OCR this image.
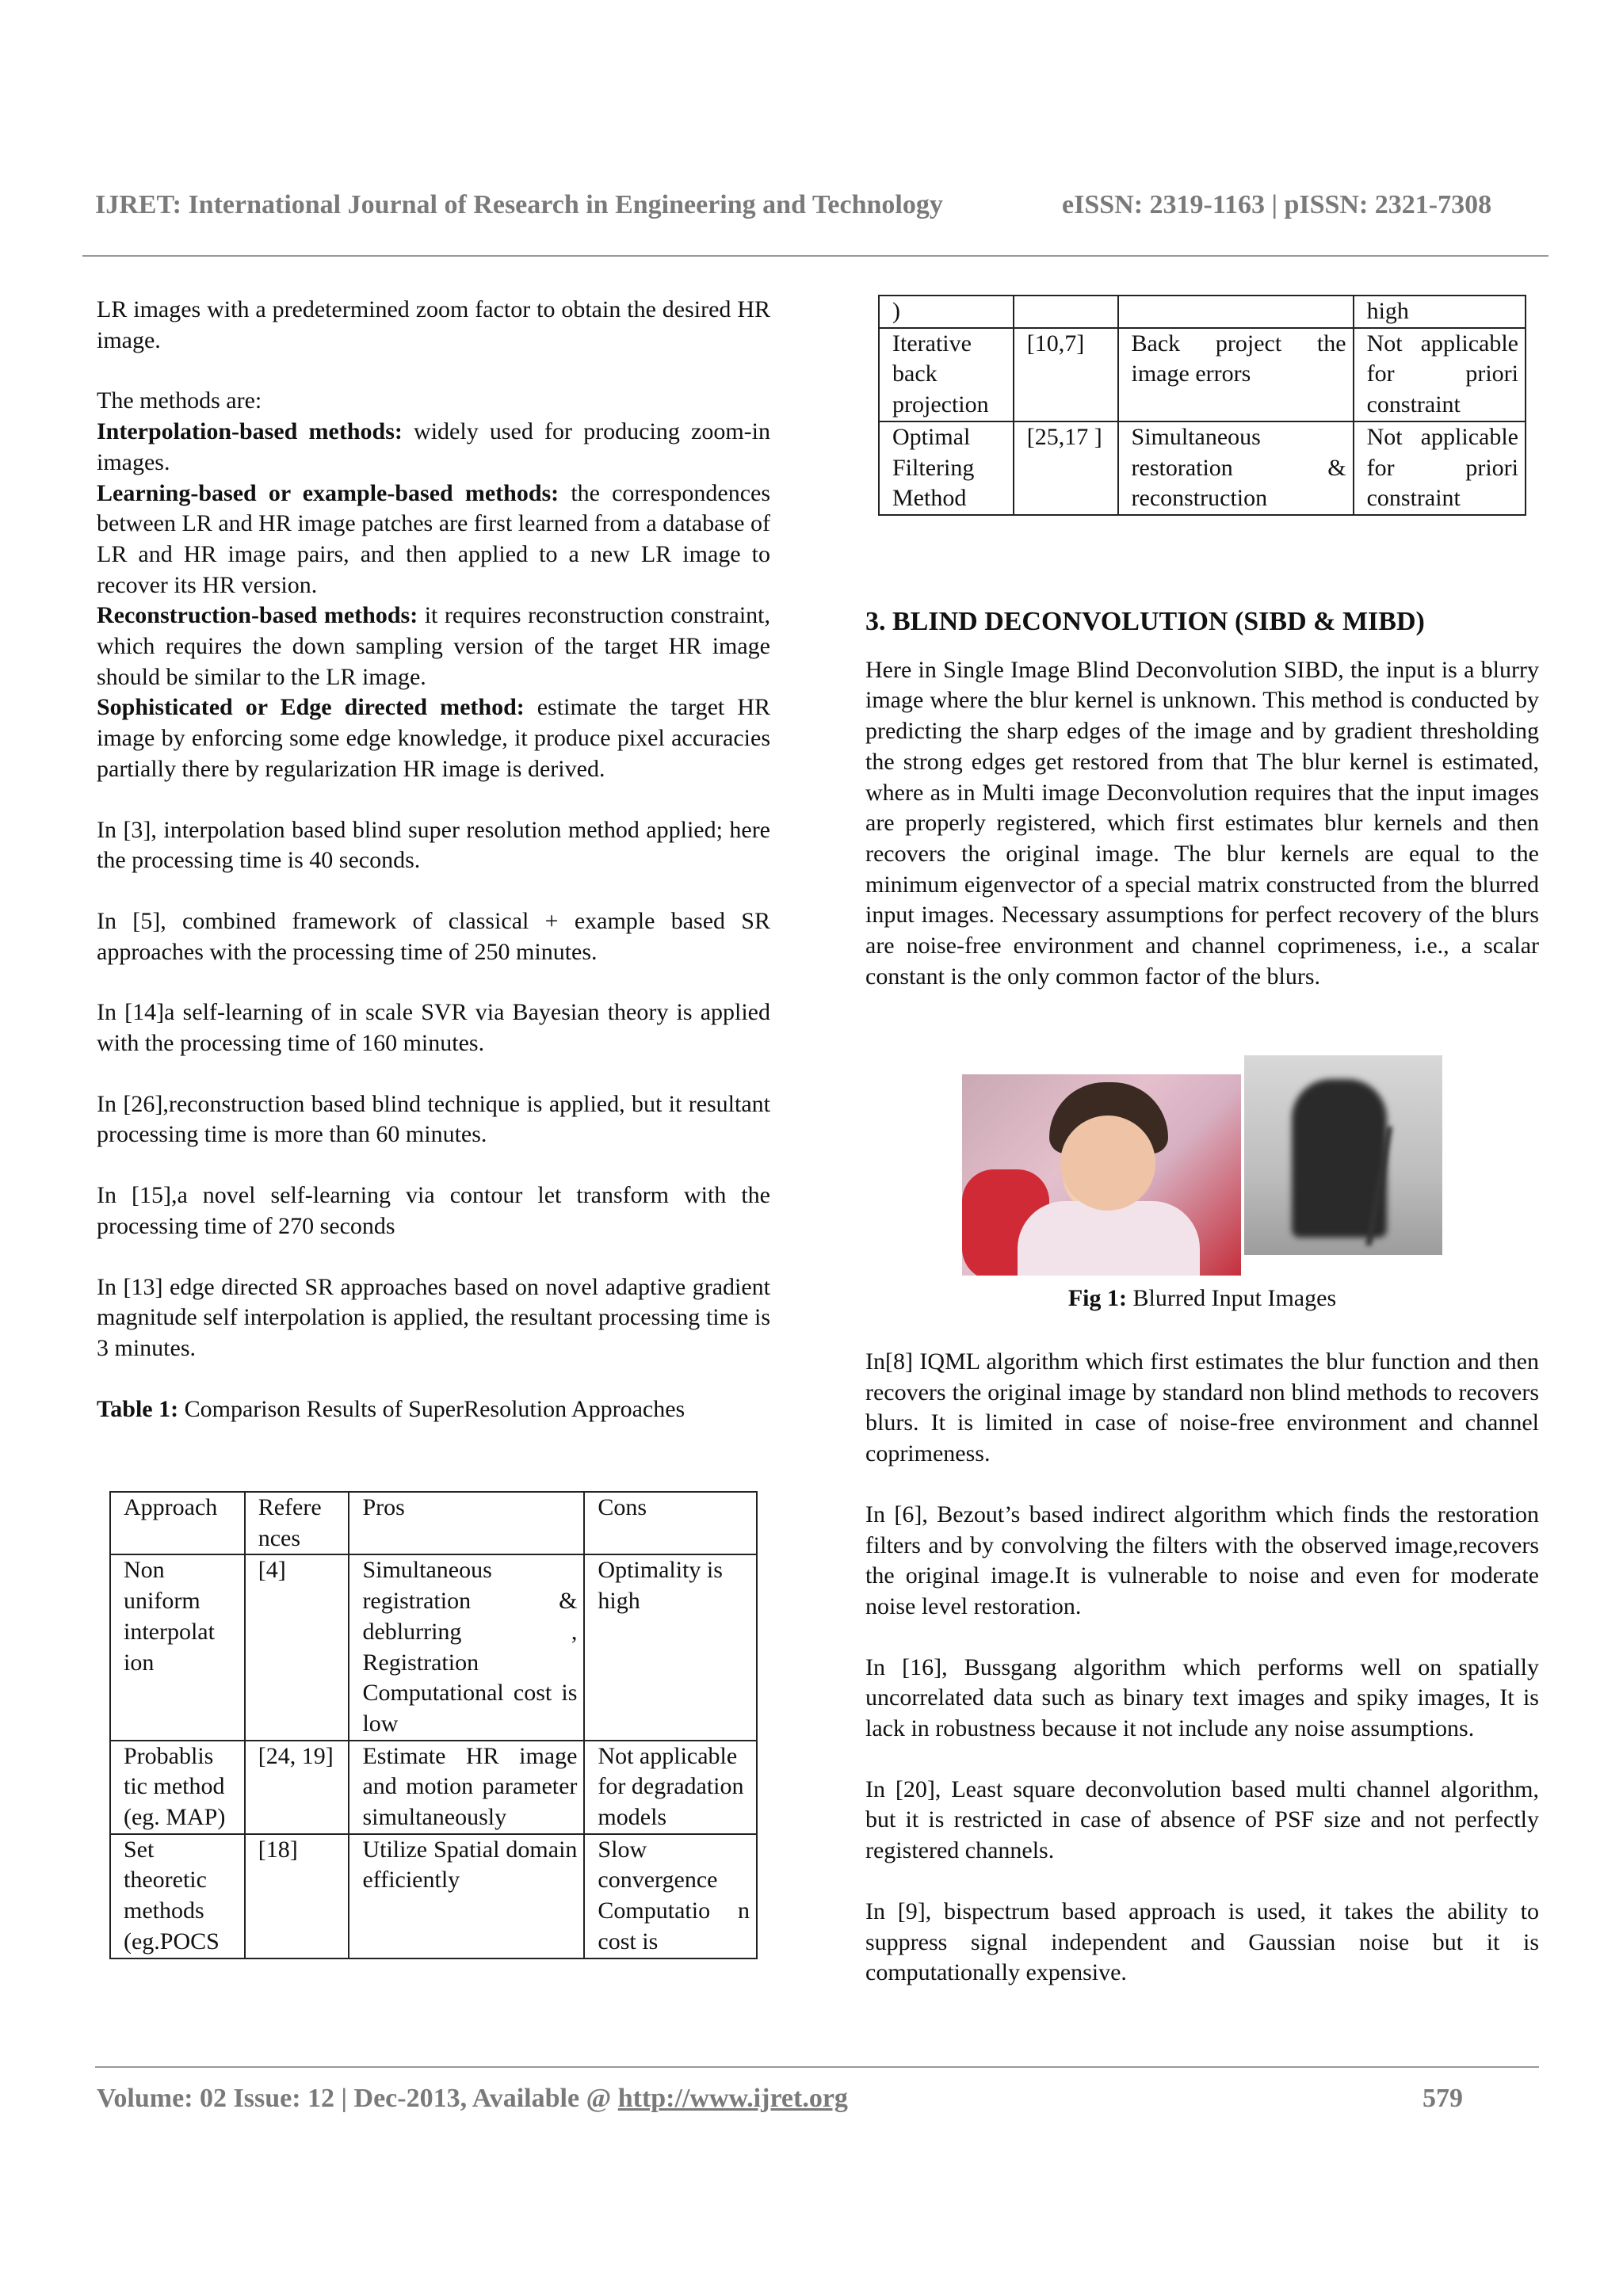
IJRET: International Journal of Research in Engineering and Technology	eISSN: 2319-1163 | pISSN: 2321-7308

LR images with a predetermined zoom factor to obtain the desired HR image.

The methods are:

Interpolation-based methods: widely used for producing zoom-in images.

Learning-based or example-based methods: the correspondences between LR and HR image patches are first learned from a database of LR and HR image pairs, and then applied to a new LR image to recover its HR version.

Reconstruction-based methods: it requires reconstruction constraint, which requires the down sampling version of the target HR image should be similar to the LR image.

Sophisticated or Edge directed method: estimate the target HR image by enforcing some edge knowledge, it produce pixel accuracies partially there by regularization HR image is derived.

In [3], interpolation based blind super resolution method applied; here the processing time is 40 seconds.

In [5], combined framework of classical + example based SR approaches with the processing time of 250 minutes.

In [14]a self-learning of in scale SVR via Bayesian theory is applied with the processing time of 160 minutes.

In [26],reconstruction based blind technique is applied, but it resultant processing time is more than 60 minutes.

In [15],a novel self-learning via contour let transform with the processing time of 270 seconds

In [13] edge directed SR approaches based on novel adaptive gradient magnitude self interpolation is applied, the resultant processing time is 3 minutes.

Table 1: Comparison Results of SuperResolution Approaches

Approach	Refere nces	Pros	Cons
Non uniform interpolat ion	[4]	Simultaneous registration & deblurring , Registration Computational cost is low	Optimality is high
Probablis tic method (eg. MAP)	[24, 19]	Estimate HR image and motion parameter simultaneously	Not applicable for degradation models
Set theoretic methods (eg.POCS	[18]	Utilize Spatial domain efficiently	Slow convergence Computatio n cost is
)			high
Iterative back projection	[10,7]	Back project the image errors	Not applicable for priori constraint
Optimal Filtering Method	[25,17 ]	Simultaneous restoration & reconstruction	Not applicable for priori constraint
3. BLIND DECONVOLUTION (SIBD & MIBD)

Here in Single Image Blind Deconvolution SIBD, the input is a blurry image where the blur kernel is unknown. This method is conducted by predicting the sharp edges of the image and by gradient thresholding the strong edges get restored from that The blur kernel is estimated, where as in Multi image Deconvolution requires that the input images are properly registered, which first estimates blur kernels and then recovers the original image. The blur kernels are equal to the minimum eigenvector of a special matrix constructed from the blurred input images. Necessary assumptions for perfect recovery of the blurs are noise-free environment and channel coprimeness, i.e., a scalar constant is the only common factor of the blurs.

Fig 1: Blurred Input Images

In[8] IQML algorithm which first estimates the blur function and then recovers the original image by standard non blind methods to recovers blurs. It is limited in case of noise-free environment and channel coprimeness.

In [6], Bezout’s based indirect algorithm which finds the restoration filters and by convolving the filters with the observed image,recovers the original image.It is vulnerable to noise and even for moderate noise level restoration.

In [16], Bussgang algorithm which performs well on spatially uncorrelated data such as binary text images and spiky images, It is lack in robustness because it not include any noise assumptions.

In [20], Least square deconvolution based multi channel algorithm, but it is restricted in case of absence of PSF size and not perfectly registered channels.

In [9], bispectrum based approach is used, it takes the ability to suppress signal independent and Gaussian noise but it is computationally expensive.

Volume: 02 Issue: 12 | Dec-2013, Available @ http://www.ijret.org	579
